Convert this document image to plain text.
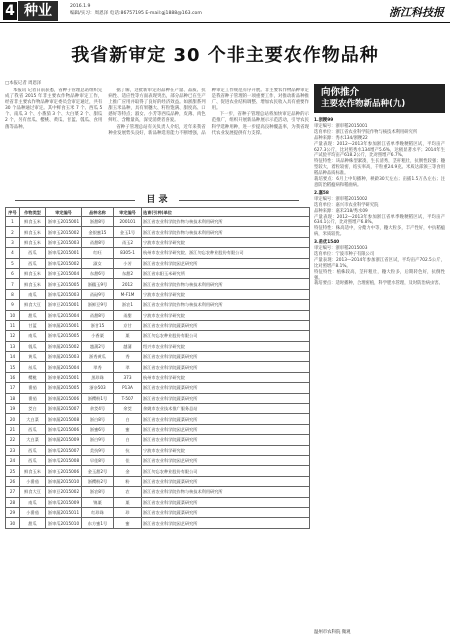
4 种业	2016.1.9
编辑/实习：周恩泽 电话:86757195 E-mail:gj1888@163.com	浙江科技报
我省新审定 30 个非主要农作物品种
□本报记者 周恩泽

本报讯 记者日前获悉，省种子管理总站组织完成了我省 2015 年非主要农作物品种审定工作，经省非主要农作物品种审定委员会审定通过，共有 30 个品种通过审定。其中鲜食玉米 7 个、西瓜 5 个、南瓜 3 个、小番茄 3 个、大白菜 2 个、甜瓜 2 个，另有丝瓜、樱桃、黄瓜、甘蓝、瓠瓜、食用菌等品种。

据了解，这批新审定的品种在产量、品质、抗病性、适应性等方面表现突出，部分品种已在生产上推广应用并取得了良好的经济效益。如浙甜系列甜玉米品种，具有果穗大、籽粒饱满、甜度高、口感好等特点；淑女、小芳等西瓜品种，皮薄、肉色鲜红、含糖量高，深受消费者喜爱。

省种子管理总站有关负责人介绍，近年来我省种业发展势头良好，新品种选育能力不断增强，品种审定工作规范有序开展。非主要农作物品种审定是我省种子管理的一项重要工作，对推动新品种推广、促进农业结构调整、增加农民收入具有重要作用。

下一步，省种子管理总站将加快审定品种的示范推广，组织开展新品种展示示范活动，引导农民科学选种用种，进一步提高良种覆盖率，为我省现代农业发展提供有力支撑。

目 录
序号	作物类型	审定编号	品种名称	审定编号	选育(引种)单位
1	鲜食玉米	浙审玉2015001	浙甜8号	200101	浙江省农业科学院作物与核技术利用研究所
2	鲜食玉米	浙审玉2015002	金银蜜15	金玉1号	浙江省农业科学院作物与核技术利用研究所
3	鲜食玉米	浙审玉2015003	甬甜8号	甬玉2	宁波市农业科学研究院
4	西瓜	浙审瓜2015001	红旺	8305-1	杭州市农业科学研究院、浙江勿忘农种业股份有限公司
5	西瓜	浙审瓜2015002	淑女	小芳	浙江省农业科学院园艺研究所
6	鲜食玉米	浙审玉2015004	东甜6号	东甜2	浙江省东阳玉米研究所
7	鲜食玉米	浙审玉2015005	浙糯玉9号	2012	浙江省农业科学院作物与核技术利用研究所
8	南瓜	浙审瓜2015003	甬砧9号	M-F1M	宁波市农业科学研究院
9	鲜食大豆	浙审豆2015001	浙鲜豆9号	浙农1	浙江省农业科学院作物与核技术利用研究所
10	甜瓜	浙审瓜2015004	甬甜8号	甬甜	宁波市农业科学研究院
11	甘蓝	浙审蔬2015001	浙甘15	京甘	浙江省农业科学院蔬菜研究所
12	南瓜	浙审瓜2015005	小香栗	栗	浙江勿忘农种业股份有限公司
13	瓠瓜	浙审蔬2015002	越蒲2号	越蒲	绍兴市农业科学研究院
14	黄瓜	浙审蔬2015003	浙秀黄瓜	秀	浙江省农业科学院蔬菜研究所
15	丝瓜	浙审蔬2015004	翠秀	翠	浙江省农业科学院蔬菜研究所
16	樱桃	浙审果2015001	黑珍珠	373	杭州市农业科学研究院
17	番茄	浙审蔬2015005	浙杂503	P13A	浙江省农业科学院蔬菜研究所
18	番茄	浙审蔬2015006	浙樱粉1号	T-507	浙江省农业科学院蔬菜研究所
19	茭白	浙审蔬2015007	余茭4号	余茭	余姚市农业技术推广服务总站
20	大白菜	浙审蔬2015008	浙白8号	白	浙江省农业科学院蔬菜研究所
21	西瓜	浙审瓜2015006	浙蜜6号	蜜	浙江省农业科学院园艺研究所
22	大白菜	浙审蔬2015009	浙白9号	白	浙江省农业科学院蔬菜研究所
23	西瓜	浙审瓜2015007	美抗9号	抗	宁波市农业科学研究院
24	西瓜	浙审瓜2015008	早佳8号	佳	浙江省农业科学院园艺研究所
25	鲜食玉米	浙审玉2015006	金玉甜2号	金	浙江勿忘农种业股份有限公司
26	小番茄	浙审蔬2015010	浙樱粉2号	粉	浙江省农业科学院蔬菜研究所
27	鲜食大豆	浙审豆2015002	浙农8号	农	浙江省农业科学院作物与核技术利用研究所
28	南瓜	浙审瓜2015009	锦栗	栗	浙江省农业科学院蔬菜研究所
29	小番茄	浙审蔬2015011	红珍珠	珍	浙江省农业科学院蔬菜研究所
30	甜瓜	浙审瓜2015010	东方蜜1号	蜜	浙江省农业科学院园艺研究所
向你推介
主要农作物新品种(九)
1.浙粳99
审定编号：浙审稻2015001
选育单位：浙江省农业科学院作物与核技术利用研究所
品种来源：秀水134/浙粳22
产量表现：2012—2013年参加浙江省单季晚粳稻区试，平均亩产627.3公斤，比对照秀水134增产5.6%，达极显著水平；2014年生产试验平均亩产618.2公斤，比对照增产6.7%。
特征特性：该品种株型紧凑，生长清秀，茎秆粗壮，抗倒性较强；穗型较大，着粒较密，结实率高，千粒重24.9克。米质达部颁三等食用稻品种品质标准。
栽培要点：6月上中旬播种，秧龄30天左右；亩插1.5万丛左右；注意防治稻瘟病和稻曲病。
2.嘉58
审定编号：浙审稻2015002
选育单位：嘉兴市农业科学研究院
品种来源：嘉禾218/秀水09
产量表现：2012—2013年参加浙江省单季晚粳稻区试，平均亩产634.1公斤，比对照增产6.8%。
特征特性：株高适中，分蘖力中等，穗大粒多，丰产性好，中抗稻瘟病，米质较优。
3.甬优1540
审定编号：浙审稻2015003
选育单位：宁波市种子有限公司
产量表现：2013—2014年参加浙江省区试，平均亩产702.5公斤，比对照增产8.1%。
特征特性：植株较高，茎秆粗壮，穗大粒多，后期转色好，抗倒性强。
栽培要点：适时播种，合理密植，科学肥水管理，及时防治病虫害。
温州市农科院 微观
